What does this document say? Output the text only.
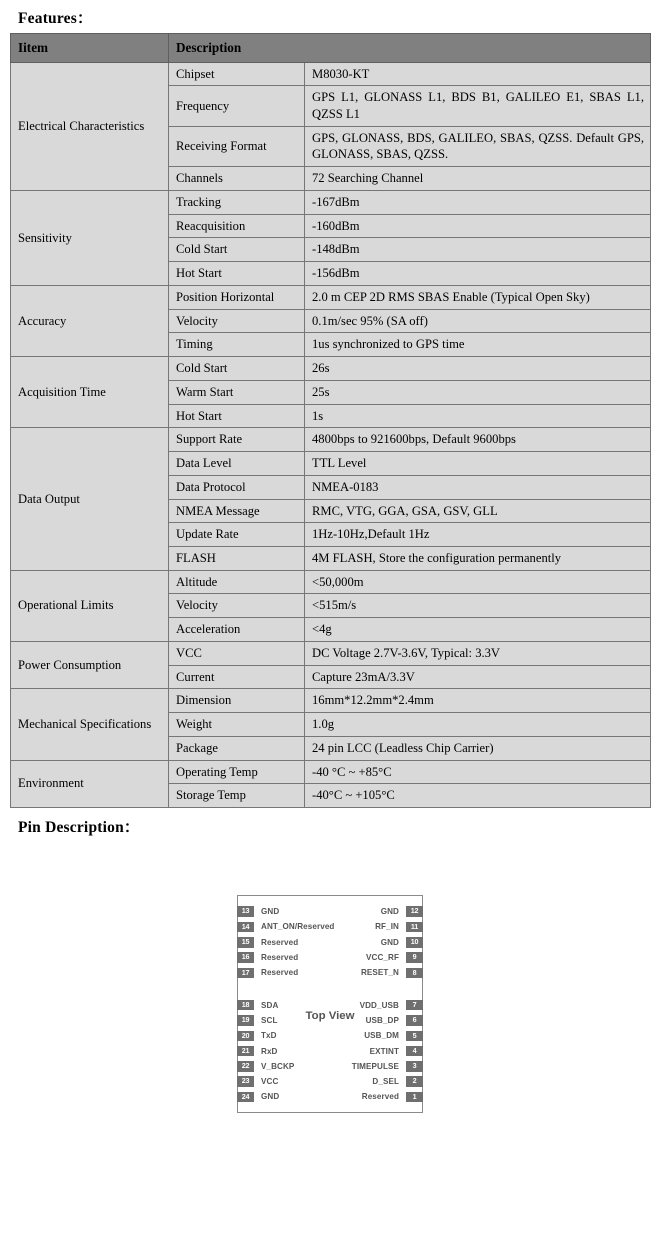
Features：
Iitem	Description	
Electrical Characteristics	Chipset	M8030-KT
	Frequency	GPS L1, GLONASS L1, BDS B1, GALILEO E1, SBAS L1, QZSS L1
	Receiving Format	GPS, GLONASS, BDS, GALILEO, SBAS, QZSS. Default GPS, GLONASS, SBAS, QZSS.
	Channels	72 Searching Channel
Sensitivity	Tracking	-167dBm
	Reacquisition	-160dBm
	Cold Start	-148dBm
	Hot Start	-156dBm
Accuracy	Position Horizontal	2.0 m CEP 2D RMS SBAS Enable (Typical Open Sky)
	Velocity	0.1m/sec 95% (SA off)
	Timing	1us synchronized to GPS time
Acquisition Time	Cold Start	26s
	Warm Start	25s
	Hot Start	1s
Data Output	Support Rate	4800bps to 921600bps, Default 9600bps
	Data Level	TTL Level
	Data Protocol	NMEA-0183
	NMEA Message	RMC, VTG, GGA, GSA, GSV, GLL
	Update Rate	1Hz-10Hz,Default 1Hz
	FLASH	4M FLASH, Store the configuration permanently
Operational Limits	Altitude	<50,000m
	Velocity	<515m/s
	Acceleration	<4g
Power Consumption	VCC	DC Voltage 2.7V-3.6V, Typical: 3.3V
	Current	Capture 23mA/3.3V
Mechanical Specifications	Dimension	16mm*12.2mm*2.4mm
	Weight	1.0g
	Package	24 pin LCC (Leadless Chip Carrier)
Environment	Operating Temp	-40 °C ~ +85°C
	Storage Temp	-40°C ~ +105°C
Pin Description：
13	GND	GND	12
14	ANT_ON/Reserved	RF_IN	11
15	Reserved	GND	10
16	Reserved	VCC_RF	9
17	Reserved	RESET_N	8
Top View
18	SDA	VDD_USB	7
19	SCL	USB_DP	6
20	TxD	USB_DM	5
21	RxD	EXTINT	4
22	V_BCKP	TIMEPULSE	3
23	VCC	D_SEL	2
24	GND	Reserved	1
